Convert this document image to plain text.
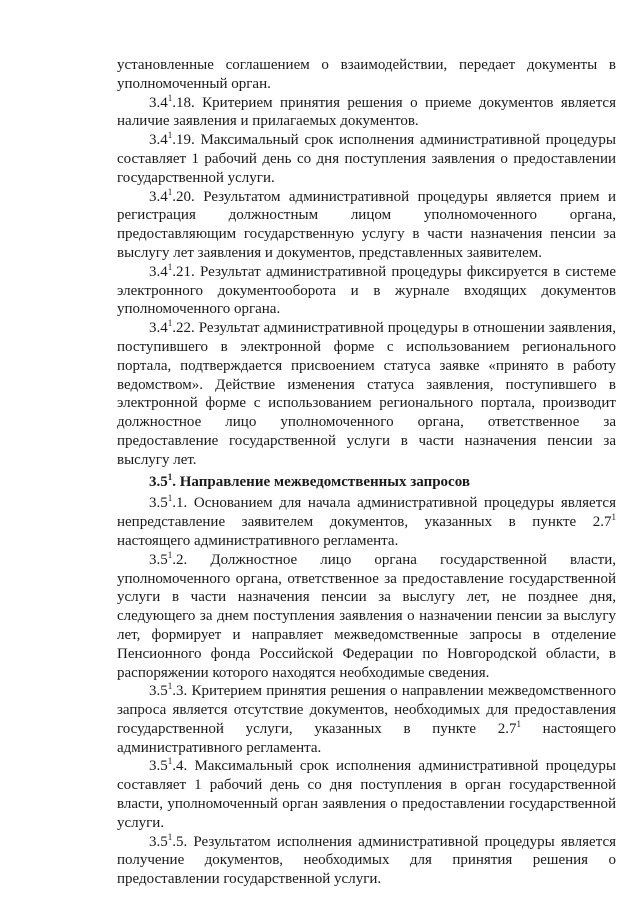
установленные соглашением о взаимодействии, передает документы в уполномоченный орган.

$3.4^1.18$. Критерием принятия решения о приеме документов является наличие заявления и прилагаемых документов.

$3.4^1.19$. Максимальный срок исполнения административной процедуры составляет 1 рабочий день со дня поступления заявления о предоставлении государственной услуги.

$3.4^1.20$. Результатом административной процедуры является прием и регистрация должностным лицом уполномоченного органа, предоставляющим государственную услугу в части назначения пенсии за выслугу лет заявления и документов, представленных заявителем.

$3.4^1.21$. Результат административной процедуры фиксируется в системе электронного документооборота и в журнале входящих документов уполномоченного органа.

$3.4^1.22$. Результат административной процедуры в отношении заявления, поступившего в электронной форме с использованием регионального портала, подтверждается присвоением статуса заявке «принято в работу ведомством». Действие изменения статуса заявления, поступившего в электронной форме с использованием регионального портала, производит должностное лицо уполномоченного органа, ответственное за предоставление государственной услуги в части назначения пенсии за выслугу лет.

$3.5^1$. Направление межведомственных запросов

$3.5^1.1$. Основанием для начала административной процедуры является непредставление заявителем документов, указанных в пункте $2.7^1$ настоящего административного регламента.

$3.5^1.2$. Должностное лицо органа государственной власти, уполномоченного органа, ответственное за предоставление государственной услуги в части назначения пенсии за выслугу лет, не позднее дня, следующего за днем поступления заявления о назначении пенсии за выслугу лет, формирует и направляет межведомственные запросы в отделение Пенсионного фонда Российской Федерации по Новгородской области, в распоряжении которого находятся необходимые сведения.

$3.5^1.3$. Критерием принятия решения о направлении межведомственного запроса является отсутствие документов, необходимых для предоставления государственной услуги, указанных в пункте $2.7^1$ настоящего административного регламента.

$3.5^1.4$. Максимальный срок исполнения административной процедуры составляет 1 рабочий день со дня поступления в орган государственной власти, уполномоченный орган заявления о предоставлении государственной услуги.

$3.5^1.5$. Результатом исполнения административной процедуры является получение документов, необходимых для принятия решения о предоставлении государственной услуги.
